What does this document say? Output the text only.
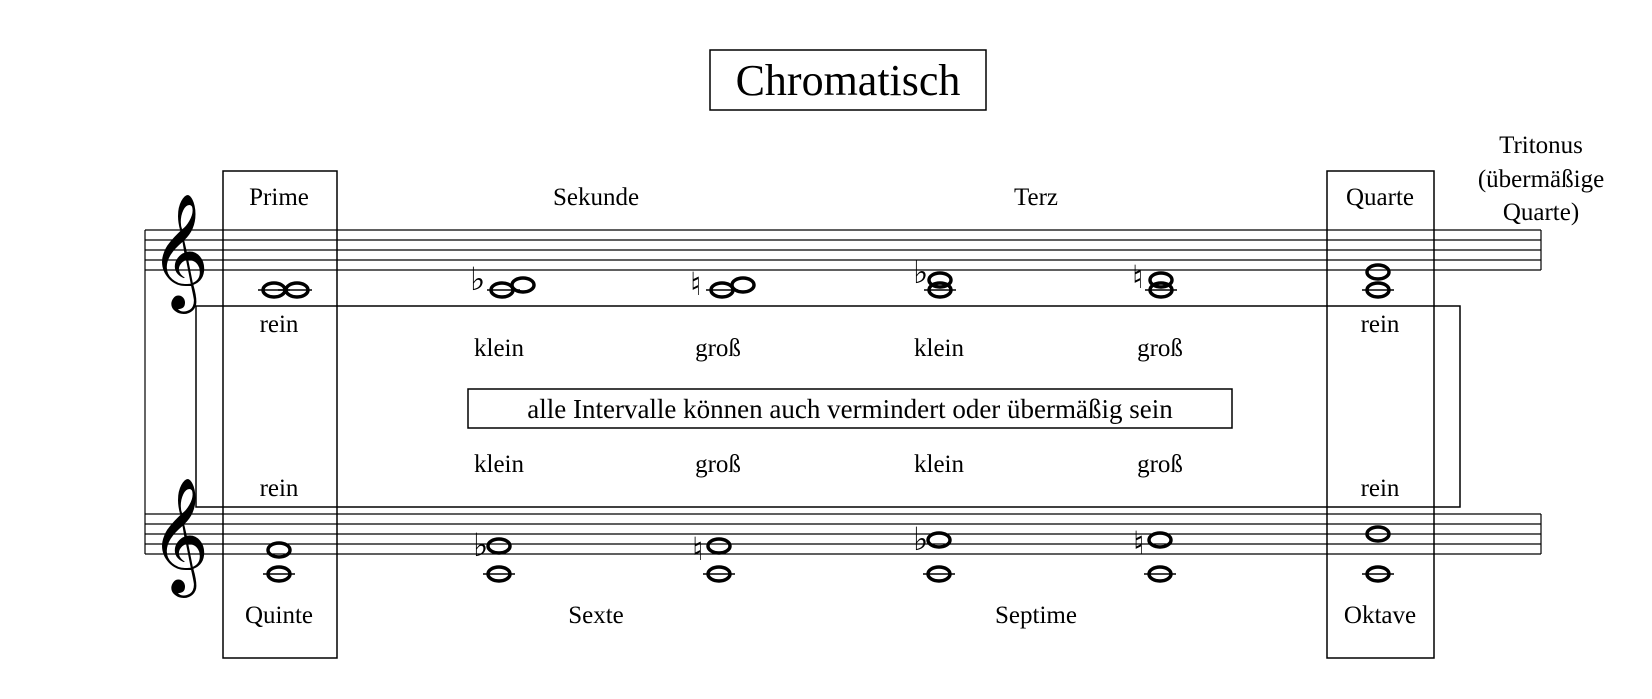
Chromatisch
𝄞
𝄞
alle Intervalle können auch vermindert oder übermäßig sein
Prime	Sekunde	Terz	Quarte
Tritonus
(übermäßige
Quarte)
Quinte	Sexte	Septime	Oktave
rein
klein	groß	klein	groß
rein
rein
klein	groß	klein	groß
rein
♭	♮	♭	♮
♭	♮	♭	♮
